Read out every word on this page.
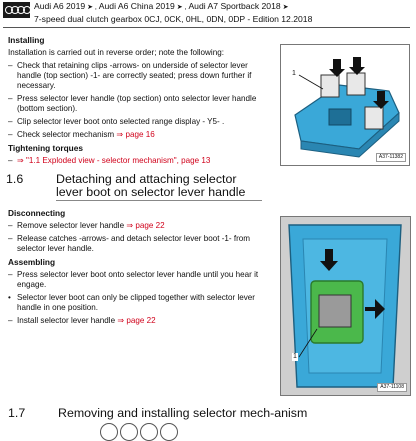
Audi A6 2019 ➤ , Audi A6 China 2019 ➤ , Audi A7 Sportback 2018 ➤
7-speed dual clutch gearbox 0CJ, 0CK, 0HL, 0DN, 0DP - Edition 12.2018
Installing

Installation is carried out in reverse order; note the following:

– Check that retaining clips -arrows- on underside of selector lever handle (top section) -1- are correctly seated; press down further if necessary.
– Press selector lever handle (top section) onto selector lever handle (bottom section).
– Clip selector lever boot onto selected range display - Y5- .
– Check selector mechanism ⇒ page 16
Tightening torques
– ⇒ "1.1 Exploded view - selector mechanism", page 13
1.6	Detaching and attaching selector lever boot on selector lever handle
Disconnecting
– Remove selector lever handle ⇒ page 22
– Release catches -arrows- and detach selector lever boot -1- from selector lever handle.
Assembling
– Press selector lever boot onto selector lever handle until you hear it engage.
• Selector lever boot can only be clipped together with selector lever handle in one position.
– Install selector lever handle ⇒ page 22
1
A37-11382
1
A37-11108
1.7	Removing and installing selector mech-anism
